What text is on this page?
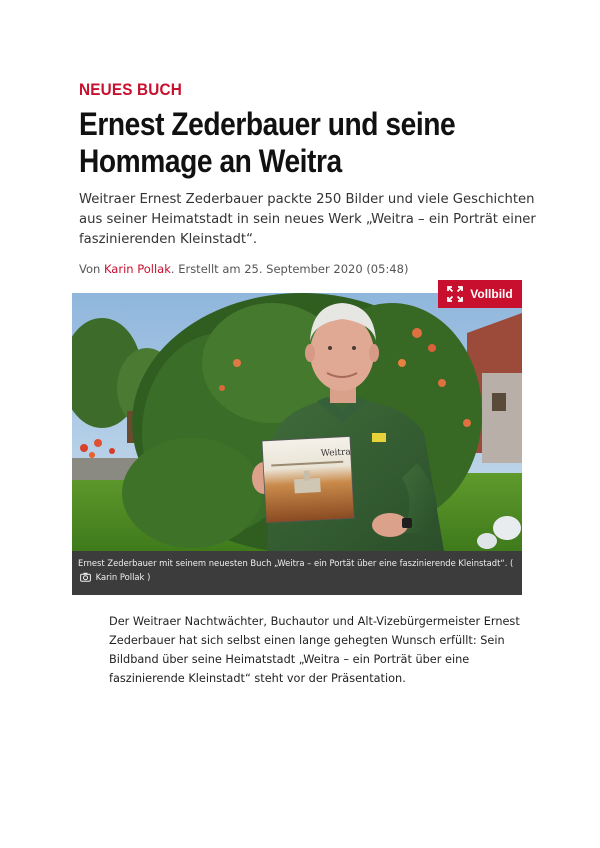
NEUES BUCH

Ernest Zederbauer und seine Hommage an Weitra

Weitraer Ernest Zederbauer packte 250 Bilder und viele Geschichten aus seiner Heimatstadt in sein neues Werk „Weitra – ein Porträt einer faszinierenden Kleinstadt“.

Von Karin Pollak. Erstellt am 25. September 2020 (05:48)

Weitra
Vollbild
Ernest Zederbauer mit seinem neuesten Buch „Weitra – ein Portät über eine faszinierende Kleinstadt“. ( Karin Pollak )

Der Weitraer Nachtwächter, Buchautor und Alt-Vizebürgermeister Ernest Zederbauer hat sich selbst einen lange gehegten Wunsch erfüllt: Sein Bildband über seine Heimatstadt „Weitra – ein Porträt über eine faszinierende Kleinstadt“ steht vor der Präsentation.
